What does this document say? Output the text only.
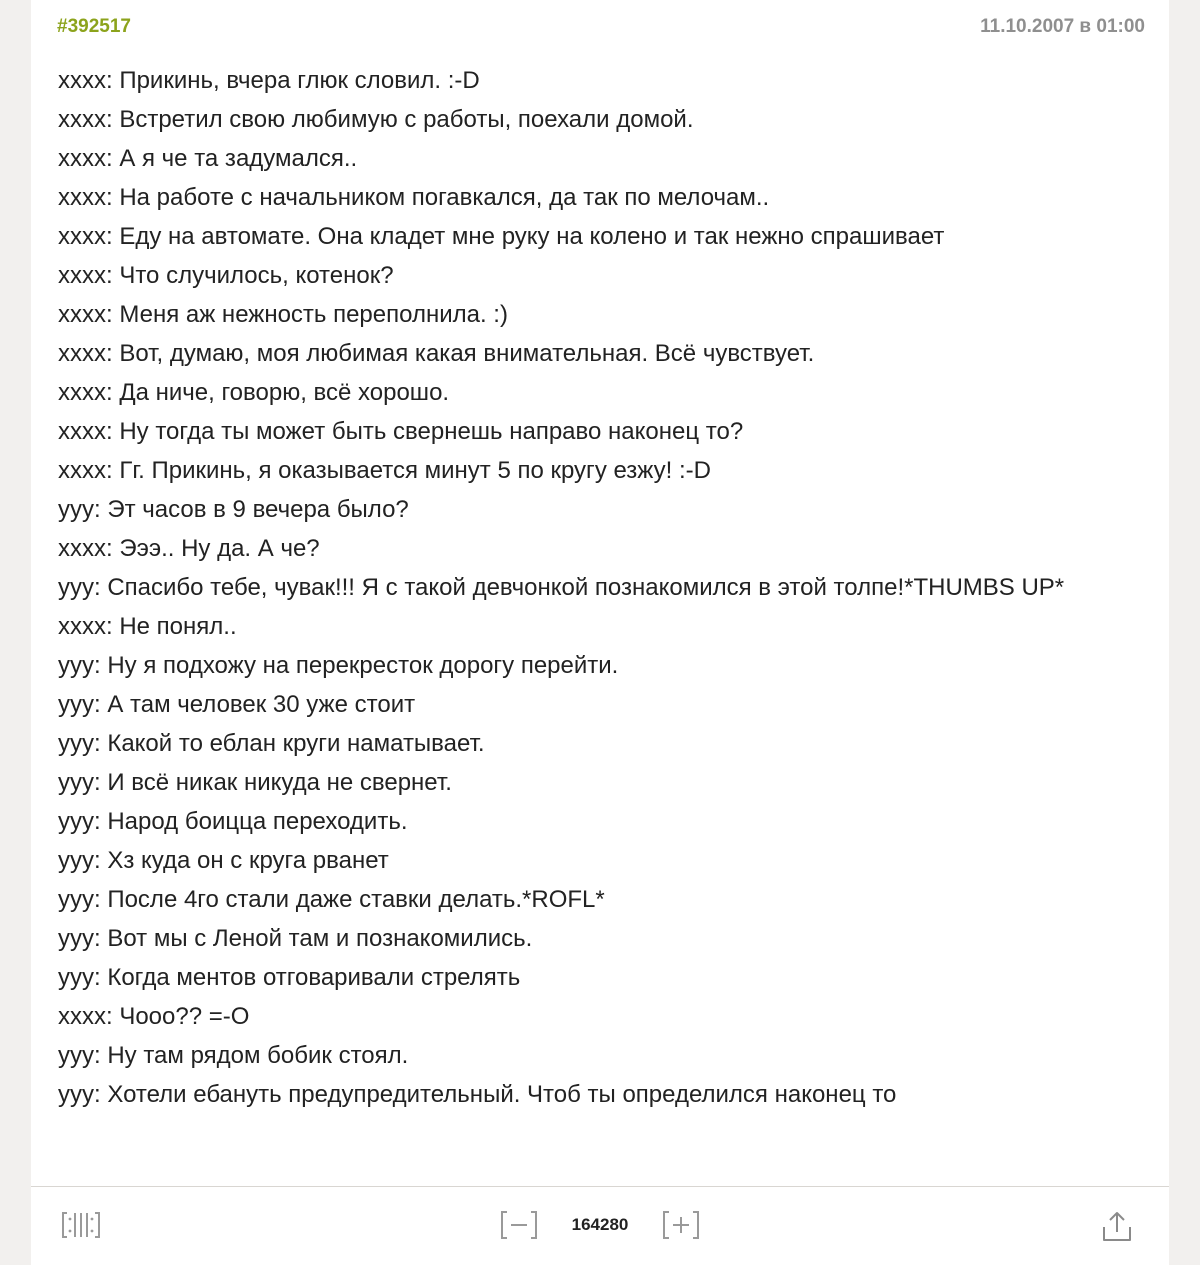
#392517	11.10.2007 в 01:00
xxxx: Прикинь, вчера глюк словил. :-D
xxxx: Встретил свою любимую с работы, поехали домой.
xxxx: А я че та задумался..
xxxx: На работе с начальником погавкался, да так по мелочам..
xxxx: Еду на автомате. Она кладет мне руку на колено и так нежно спрашивает
xxxx: Что случилось, котенок?
xxxx: Меня аж нежность переполнила. :)
xxxx: Вот, думаю, моя любимая какая внимательная. Всё чувствует.
xxxx: Да ниче, говорю, всё хорошо.
xxxx: Ну тогда ты может быть свернешь направо наконец то?
xxxx: Гг. Прикинь, я оказывается минут 5 по кругу езжу! :-D
yyy: Эт часов в 9 вечера было?
xxxx: Эээ.. Ну да. А че?
yyy: Спасибо тебе, чувак!!! Я с такой девчонкой познакомился в этой толпе!*THUMBS UP*
xxxx: Не понял..
yyy: Ну я подхожу на перекресток дорогу перейти.
yyy: А там человек 30 уже стоит
yyy: Какой то еблан круги наматывает.
yyy: И всё никак никуда не свернет.
yyy: Народ боицца переходить.
yyy: Хз куда он с круга рванет
yyy: После 4го стали даже ставки делать.*ROFL*
yyy: Вот мы с Леной там и познакомились.
yyy: Когда ментов отговаривали стрелять
xxxx: Чooo?? =-O
yyy: Ну там рядом бобик стоял.
yyy: Хотели ебануть предупредительный. Чтоб ты определился наконец то
164280
